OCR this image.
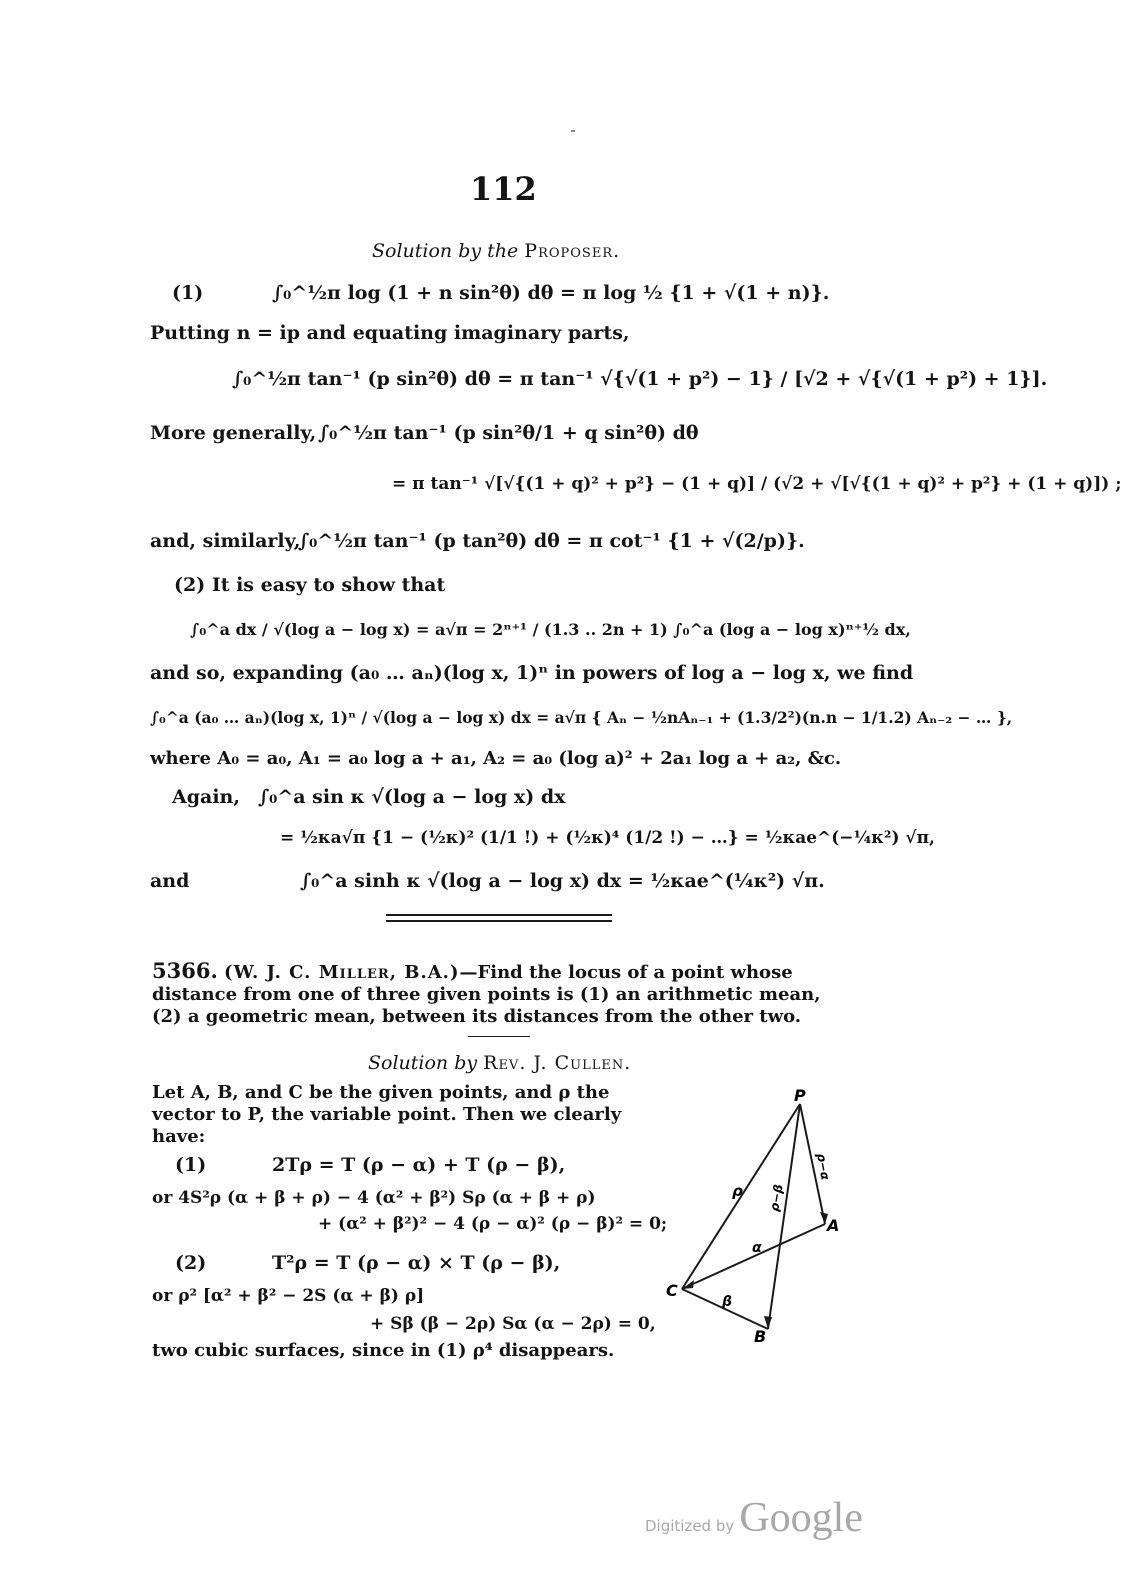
112
Solution by the Proposer.
(1)	∫₀^½π log (1 + n sin²θ) dθ = π log ½ {1 + √(1 + n)}.
Putting n = ip and equating imaginary parts,
∫₀^½π tan⁻¹ (p sin²θ) dθ = π tan⁻¹ √{√(1 + p²) − 1} / [√2 + √{√(1 + p²) + 1}].
More generally, ∫₀^½π tan⁻¹ (p sin²θ/1 + q sin²θ) dθ
= π tan⁻¹ √[√{(1 + q)² + p²} − (1 + q)] / (√2 + √[√{(1 + q)² + p²} + (1 + q)]) ;
and, similarly,
∫₀^½π tan⁻¹ (p tan²θ) dθ = π cot⁻¹ {1 + √(2/p)}.
(2) It is easy to show that
∫₀^a dx / √(log a − log x) = a√π = 2ⁿ⁺¹ / (1.3 .. 2n + 1) ∫₀^a (log a − log x)ⁿ⁺½ dx,
and so, expanding (a₀ … aₙ)(log x, 1)ⁿ in powers of log a − log x, we find
∫₀^a (a₀ … aₙ)(log x, 1)ⁿ / √(log a − log x) dx = a√π { Aₙ − ½nAₙ₋₁ + (1.3/2²)(n.n − 1/1.2) Aₙ₋₂ − … },
where A₀ = a₀, A₁ = a₀ log a + a₁, A₂ = a₀ (log a)² + 2a₁ log a + a₂, &c.
Again, ∫₀^a sin κ √(log a − log x) dx
= ½κa√π {1 − (½κ)² (1/1 !) + (½κ)⁴ (1/2 !) − …} = ½κae^(−¼κ²) √π,
and	∫₀^a sinh κ √(log a − log x) dx = ½κae^(¼κ²) √π.
5366. (W. J. C. Miller, B.A.)—Find the locus of a point whose distance from one of three given points is (1) an arithmetic mean, (2) a geometric mean, between its distances from the other two.
Solution by Rev. J. Cullen.
Let A, B, and C be the given points, and ρ the vector to P, the variable point. Then we clearly have:
(1)	2Tρ = T (ρ − α) + T (ρ − β),
or 4S²ρ (α + β + ρ) − 4 (α² + β²) Sρ (α + β + ρ)
+ (α² + β²)² − 4 (ρ − α)² (ρ − β)² = 0;
(2)	T²ρ = T (ρ − α) × T (ρ − β),
or ρ² [α² + β² − 2S (α + β) ρ]
+ Sβ (β − 2ρ) Sα (α − 2ρ) = 0,
two cubic surfaces, since in (1) ρ⁴ disappears.
P
A
C
B
ρ ρ−β
ρ−α
α
β
Digitized by Google
